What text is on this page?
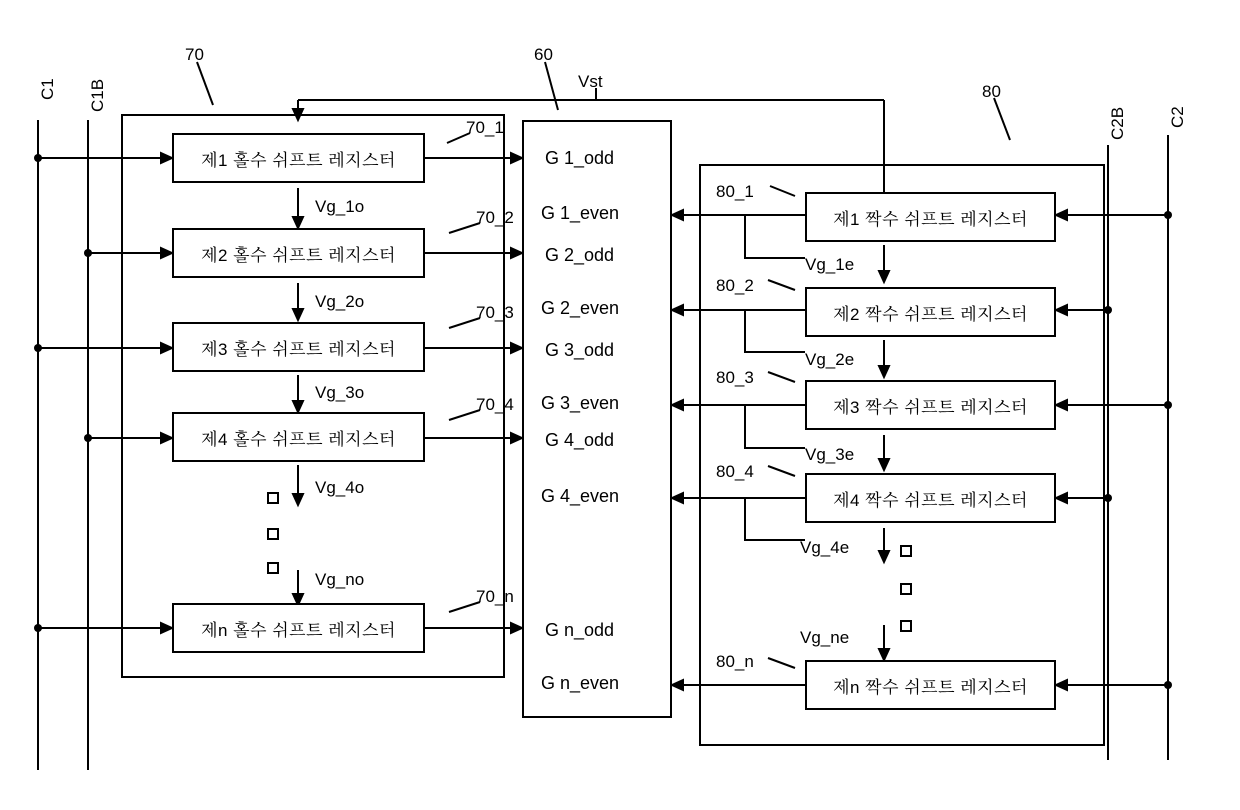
C1 C1B
C2B C2
70	60
80
Vst
제1 홀수 쉬프트 레지스터
제2 홀수 쉬프트 레지스터
제3 홀수 쉬프트 레지스터
제4 홀수 쉬프트 레지스터
제n 홀수 쉬프트 레지스터
70_1
70_2
70_3
70_4
70_n
Vg_1o
Vg_2o
Vg_3o
Vg_4o
Vg_no
G 1_odd
G 1_even
G 2_odd
G 2_even
G 3_odd
G 3_even
G 4_odd
G 4_even
G n_odd
G n_even
제1 짝수 쉬프트 레지스터
제2 짝수 쉬프트 레지스터
제3 짝수 쉬프트 레지스터
제4 짝수 쉬프트 레지스터
제n 짝수 쉬프트 레지스터
80_1
80_2
80_3
80_4
80_n
Vg_1e
Vg_2e
Vg_3e
Vg_4e
Vg_ne
